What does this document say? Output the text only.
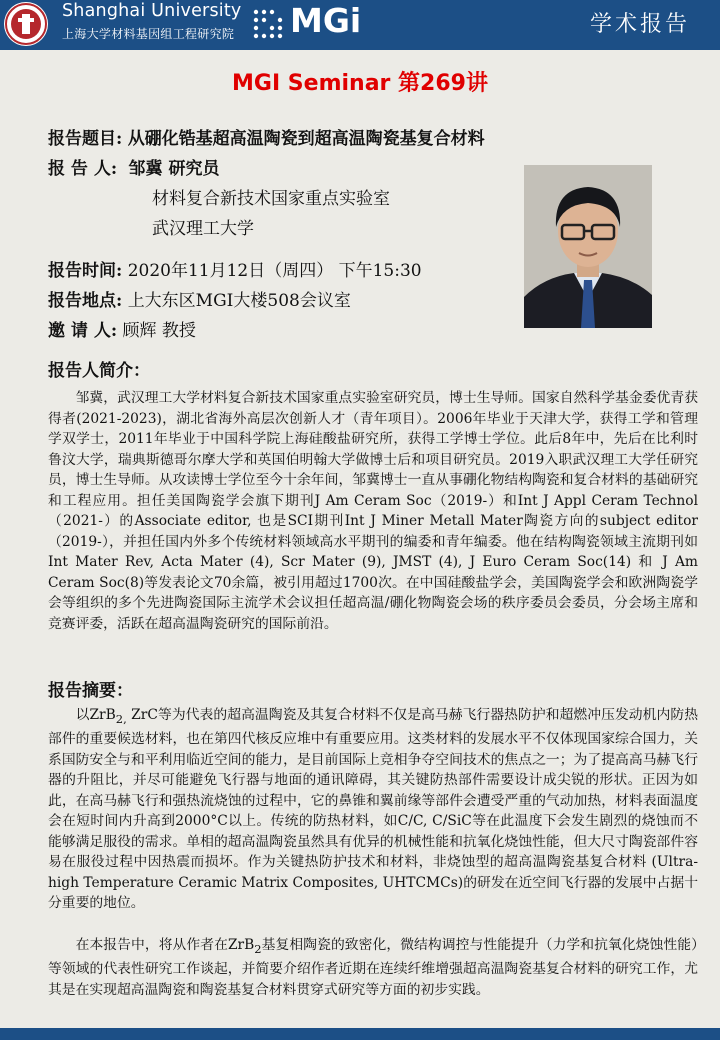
Shanghai University
上海大学材料基因组工程研究院 MGi	学术报告
MGI Seminar 第269讲
报告题目: 从硼化锆基超高温陶瓷到超高温陶瓷基复合材料
报 告 人: 邹冀 研究员
材料复合新技术国家重点实验室
武汉理工大学
报告时间: 2020年11月12日（周四） 下午15:30
报告地点: 上大东区MGI大楼508会议室
邀 请 人: 顾辉 教授
报告人简介：

邹冀，武汉理工大学材料复合新技术国家重点实验室研究员，博士生导师。国家自然科学基金委优青获得者(2021-2023)，湖北省海外高层次创新人才（青年项目）。2006年毕业于天津大学，获得工学和管理学双学士，2011年毕业于中国科学院上海硅酸盐研究所，获得工学博士学位。此后8年中，先后在比利时鲁汶大学，瑞典斯德哥尔摩大学和英国伯明翰大学做博士后和项目研究员。2019入职武汉理工大学任研究员，博士生导师。从攻读博士学位至今十余年间，邹冀博士一直从事硼化物结构陶瓷和复合材料的基础研究和工程应用。担任美国陶瓷学会旗下期刊J Am Ceram Soc（2019-）和Int J Appl Ceram Technol（2021-）的Associate editor, 也是SCI期刊Int J Miner Metall Mater陶瓷方向的subject editor（2019-），并担任国内外多个传统材料领域高水平期刊的编委和青年编委。他在结构陶瓷领域主流期刊如Int Mater Rev, Acta Mater (4), Scr Mater (9), JMST (4), J Euro Ceram Soc(14) 和 J Am Ceram Soc(8)等发表论文70余篇，被引用超过1700次。在中国硅酸盐学会，美国陶瓷学会和欧洲陶瓷学会等组织的多个先进陶瓷国际主流学术会议担任超高温/硼化物陶瓷会场的秩序委员会委员，分会场主席和竞赛评委，活跃在超高温陶瓷研究的国际前沿。

报告摘要：

以ZrB$_{2,}$ ZrC等为代表的超高温陶瓷及其复合材料不仅是高马赫飞行器热防护和超燃冲压发动机内防热部件的重要候选材料，也在第四代核反应堆中有重要应用。这类材料的发展水平不仅体现国家综合国力，关系国防安全与和平利用临近空间的能力，是目前国际上竞相争夺空间技术的焦点之一；为了提高高马赫飞行器的升阻比，并尽可能避免飞行器与地面的通讯障碍，其关键防热部件需要设计成尖锐的形状。正因为如此，在高马赫飞行和强热流烧蚀的过程中，它的鼻锥和翼前缘等部件会遭受严重的气动加热，材料表面温度会在短时间内升高到2000°C以上。传统的防热材料，如C/C, C/SiC等在此温度下会发生剧烈的烧蚀而不能够满足服役的需求。单相的超高温陶瓷虽然具有优异的机械性能和抗氧化烧蚀性能，但大尺寸陶瓷部件容易在服役过程中因热震而损坏。作为关键热防护技术和材料，非烧蚀型的超高温陶瓷基复合材料 (Ultra-high Temperature Ceramic Matrix Composites, UHTCMCs)的研发在近空间飞行器的发展中占据十分重要的地位。

在本报告中，将从作者在ZrB$_2$基复相陶瓷的致密化，微结构调控与性能提升（力学和抗氧化烧蚀性能）等领域的代表性研究工作谈起，并简要介绍作者近期在连续纤维增强超高温陶瓷基复合材料的研究工作，尤其是在实现超高温陶瓷和陶瓷基复合材料贯穿式研究等方面的初步实践。
